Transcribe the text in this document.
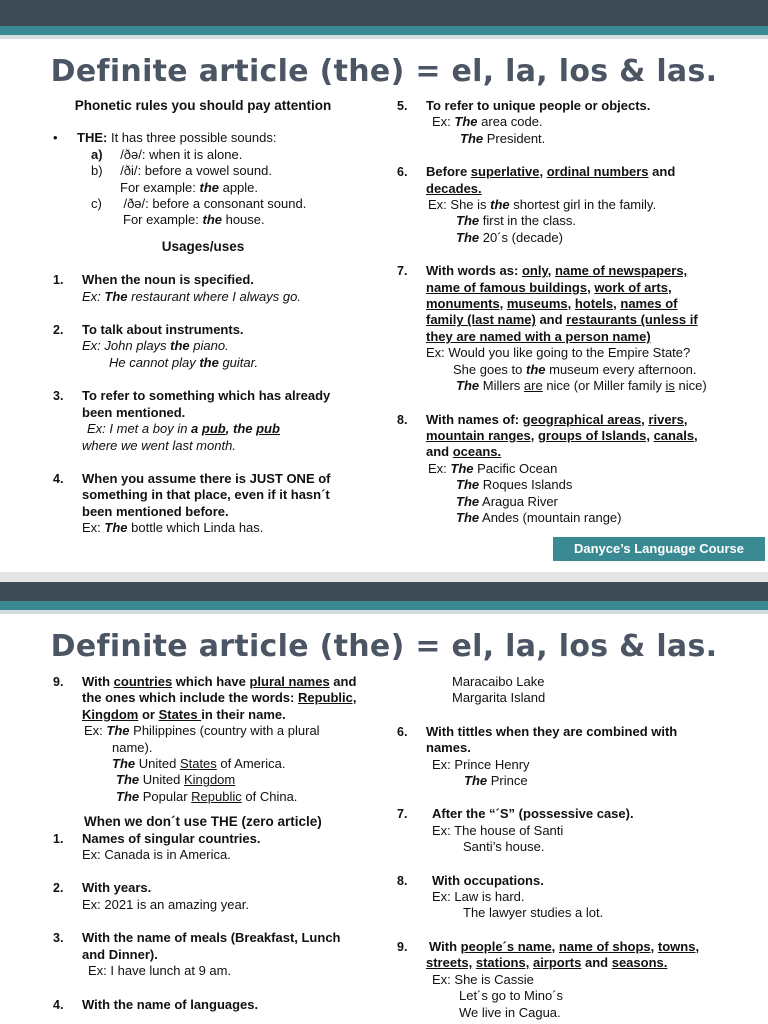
Definite article (the) = el, la, los & las.
Phonetic rules you should pay attention
• THE: It has three possible sounds:
a) /ðə/: when it is alone.
b) /ði/: before a vowel sound.
For example: the apple.
c) /ðə/: before a consonant sound.
For example: the house.
Usages/uses
1. When the noun is specified.
Ex: The restaurant where I always go.
2. To talk about instruments.
Ex: John plays the piano.
He cannot play the guitar.
3. To refer to something which has already
been mentioned.
Ex: I met a boy in a pub, the pub
where we went last month.
4. When you assume there is JUST ONE of
something in that place, even if it hasn´t
been mentioned before.
Ex: The bottle which Linda has.
5. To refer to unique people or objects.
Ex: The area code.
The President.
6. Before superlative, ordinal numbers and
decades.
Ex: She is the shortest girl in the family.
The first in the class.
The 20´s (decade)
7. With words as: only, name of newspapers,
name of famous buildings, work of arts,
monuments, museums, hotels, names of
family (last name) and restaurants (unless if
they are named with a person name)
Ex: Would you like going to the Empire State?
She goes to the museum every afternoon.
The Millers are nice (or Miller family is nice)
8. With names of: geographical areas, rivers,
mountain ranges, groups of Islands, canals,
and oceans.
Ex: The Pacific Ocean
The Roques Islands
The Aragua River
The Andes (mountain range)
Danyce’s Language Course
Definite article (the) = el, la, los & las.
9. With countries which have plural names and
the ones which include the words: Republic,
Kingdom or States in their name.
Ex: The Philippines (country with a plural
name).
The United States of America.
The United Kingdom
The Popular Republic of China.
When we don´t use THE (zero article)
1. Names of singular countries.
Ex: Canada is in America.
2. With years.
Ex: 2021 is an amazing year.
3. With the name of meals (Breakfast, Lunch
and Dinner).
Ex: I have lunch at 9 am.
4. With the name of languages.
Maracaibo Lake
Margarita Island
6. With tittles when they are combined with
names.
Ex: Prince Henry
The Prince
7.	After the “´S” (possessive case).
Ex: The house of Santi
Santi’s house.
8.	With occupations.
Ex: Law is hard.
The lawyer studies a lot.
9. With people´s name, name of shops, towns,
streets, stations, airports and seasons.
Ex: She is Cassie
Let´s go to Mino´s
We live in Cagua.
